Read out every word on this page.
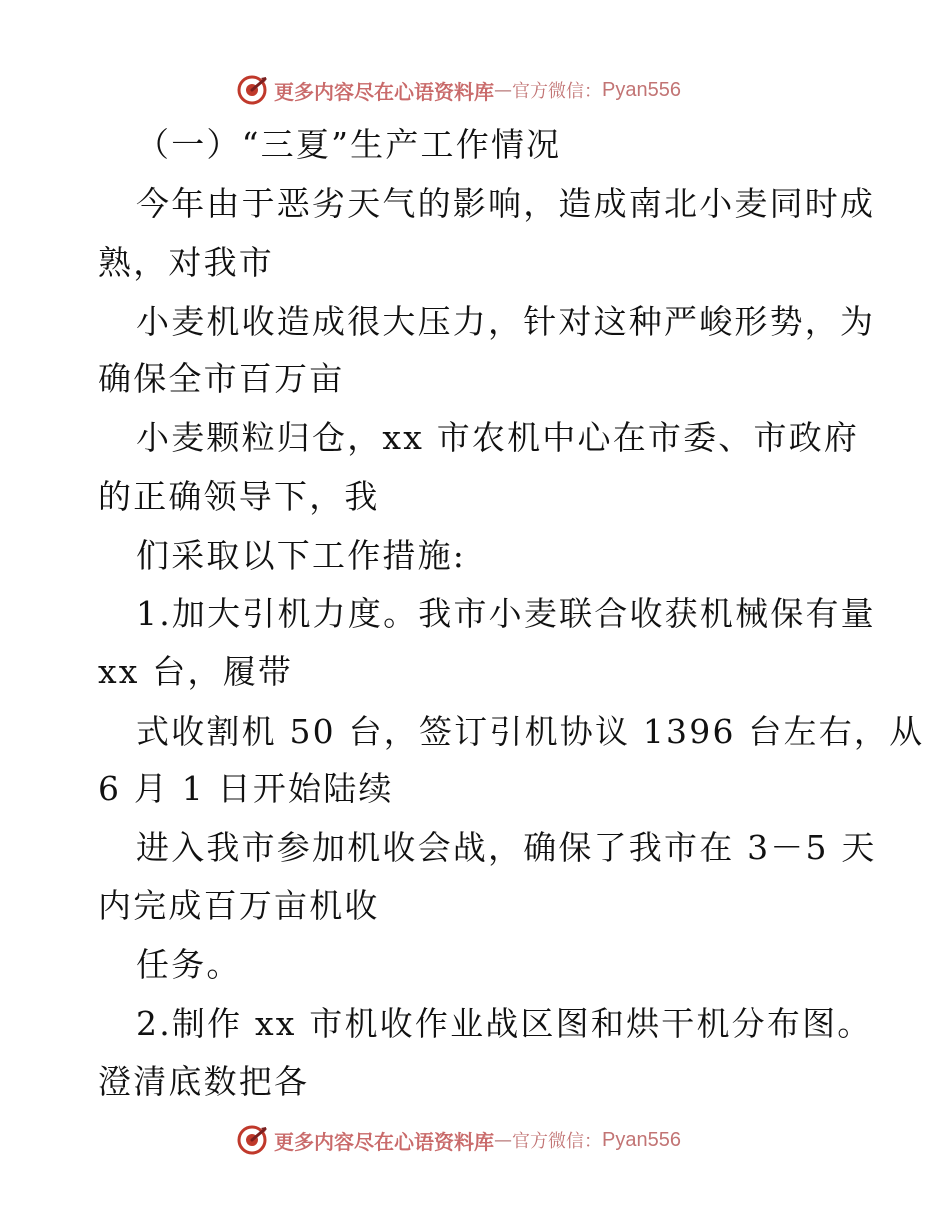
更多内容尽在心语资料库 — 官方微信： Pyan556
（一）“三夏”生产工作情况
今年由于恶劣天气的影响，造成南北小麦同时成
熟，对我市
小麦机收造成很大压力，针对这种严峻形势，为
确保全市百万亩
小麦颗粒归仓，xx 市农机中心在市委、市政府
的正确领导下，我
们采取以下工作措施:
1.加大引机力度。我市小麦联合收获机械保有量
xx 台，履带
式收割机 50 台，签订引机协议 1396 台左右，从
6 月 1 日开始陆续
进入我市参加机收会战，确保了我市在 3－5 天
内完成百万亩机收
任务。
2.制作 xx 市机收作业战区图和烘干机分布图。
澄清底数把各
更多内容尽在心语资料库 — 官方微信： Pyan556
